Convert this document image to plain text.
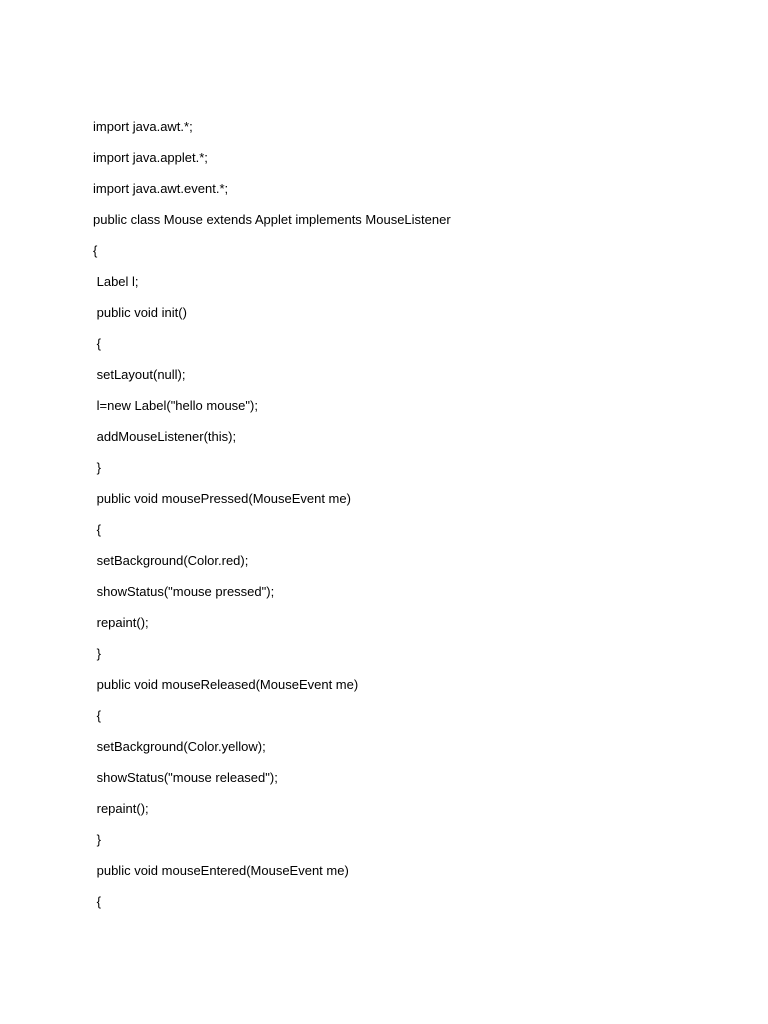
import java.awt.*;
import java.applet.*;
import java.awt.event.*;
public class Mouse extends Applet implements MouseListener
{
Label l;
public void init()
{
setLayout(null);
l=new Label("hello mouse");
addMouseListener(this);
}
public void mousePressed(MouseEvent me)
{
setBackground(Color.red);
showStatus("mouse pressed");
repaint();
}
public void mouseReleased(MouseEvent me)
{
setBackground(Color.yellow);
showStatus("mouse released");
repaint();
}
public void mouseEntered(MouseEvent me)
{
